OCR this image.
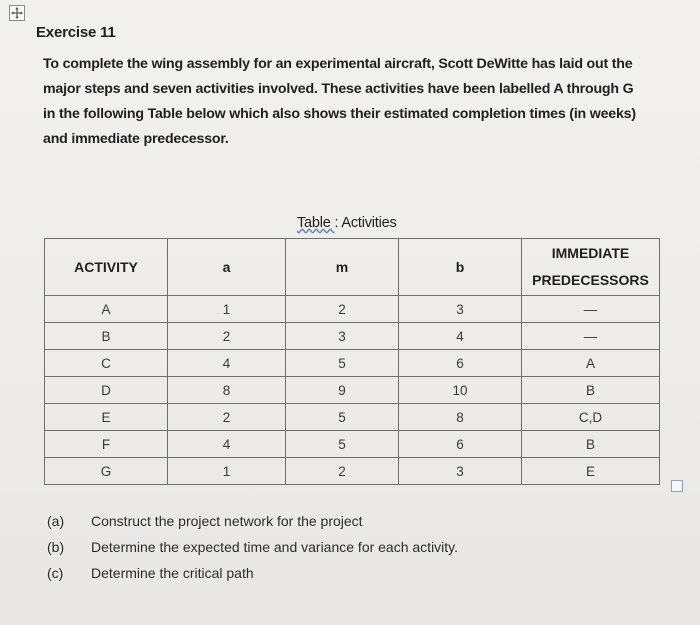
Exercise 11

To complete the wing assembly for an experimental aircraft, Scott DeWitte has laid out the

major steps and seven activities involved. These activities have been labelled A through G

in the following Table below which also shows their estimated completion times (in weeks)

and immediate predecessor.

Table : Activities
ACTIVITY	a	m	b	IMMEDIATE
PREDECESSORS

A	1	2	3	—
B	2	3	4	—
C	4	5	6	A
D	8	9	10	B
E	2	5	8	C,D
F	4	5	6	B
G	1	2	3	E
(a) Construct the project network for the project
(b) Determine the expected time and variance for each activity.
(c) Determine the critical path
